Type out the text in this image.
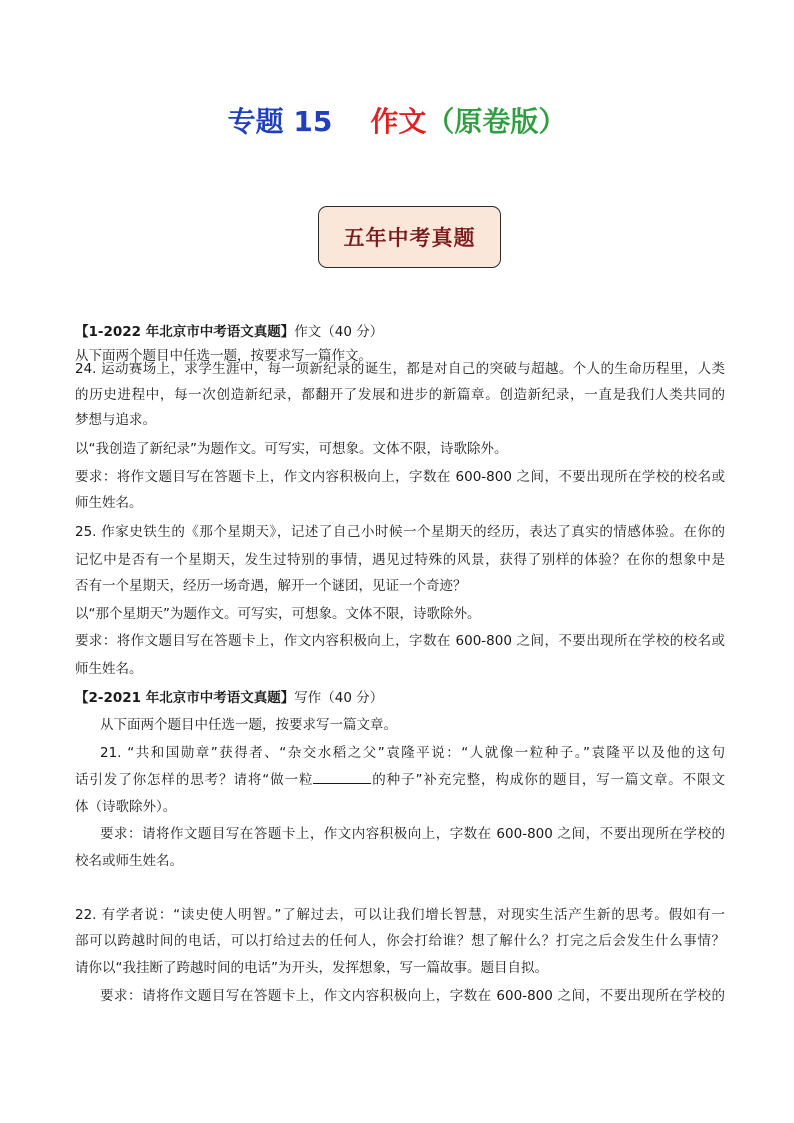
专题 15 作文（原卷版）
五年中考真题
【1-2022 年北京市中考语文真题】作文（40 分）
从下面两个题目中任选一题，按要求写一篇作文。
24. 运动赛场上，求学生涯中，每一项新纪录的诞生，都是对自己的突破与超越。个人的生命历程里，人类
的历史进程中，每一次创造新纪录，都翻开了发展和进步的新篇章。创造新纪录，一直是我们人类共同的
梦想与追求。
以“我创造了新纪录”为题作文。可写实，可想象。文体不限，诗歌除外。
要求：将作文题目写在答题卡上，作文内容积极向上，字数在 600-800 之间，不要出现所在学校的校名或
师生姓名。
25. 作家史铁生的《那个星期天》，记述了自己小时候一个星期天的经历，表达了真实的情感体验。在你的
记忆中是否有一个星期天，发生过特别的事情，遇见过特殊的风景，获得了别样的体验？在你的想象中是
否有一个星期天，经历一场奇遇，解开一个谜团，见证一个奇迹？
以“那个星期天”为题作文。可写实，可想象。文体不限，诗歌除外。
要求：将作文题目写在答题卡上，作文内容积极向上，字数在 600-800 之间，不要出现所在学校的校名或
师生姓名。
【2-2021 年北京市中考语文真题】写作（40 分）
从下面两个题目中任选一题，按要求写一篇文章。
21. “共和国勋章”获得者、“杂交水稻之父”袁隆平说：“人就像一粒种子。”袁隆平以及他的这句
话引发了你怎样的思考？请将“做一粒	的种子”补充完整，构成你的题目，写一篇文章。不限文
体（诗歌除外）。
要求：请将作文题目写在答题卡上，作文内容积极向上，字数在 600-800 之间，不要出现所在学校的
校名或师生姓名。
22. 有学者说：“读史使人明智。”了解过去，可以让我们增长智慧，对现实生活产生新的思考。假如有一
部可以跨越时间的电话，可以打给过去的任何人，你会打给谁？想了解什么？打完之后会发生什么事情？
请你以“我挂断了跨越时间的电话”为开头，发挥想象，写一篇故事。题目自拟。
要求：请将作文题目写在答题卡上，作文内容积极向上，字数在 600-800 之间，不要出现所在学校的
